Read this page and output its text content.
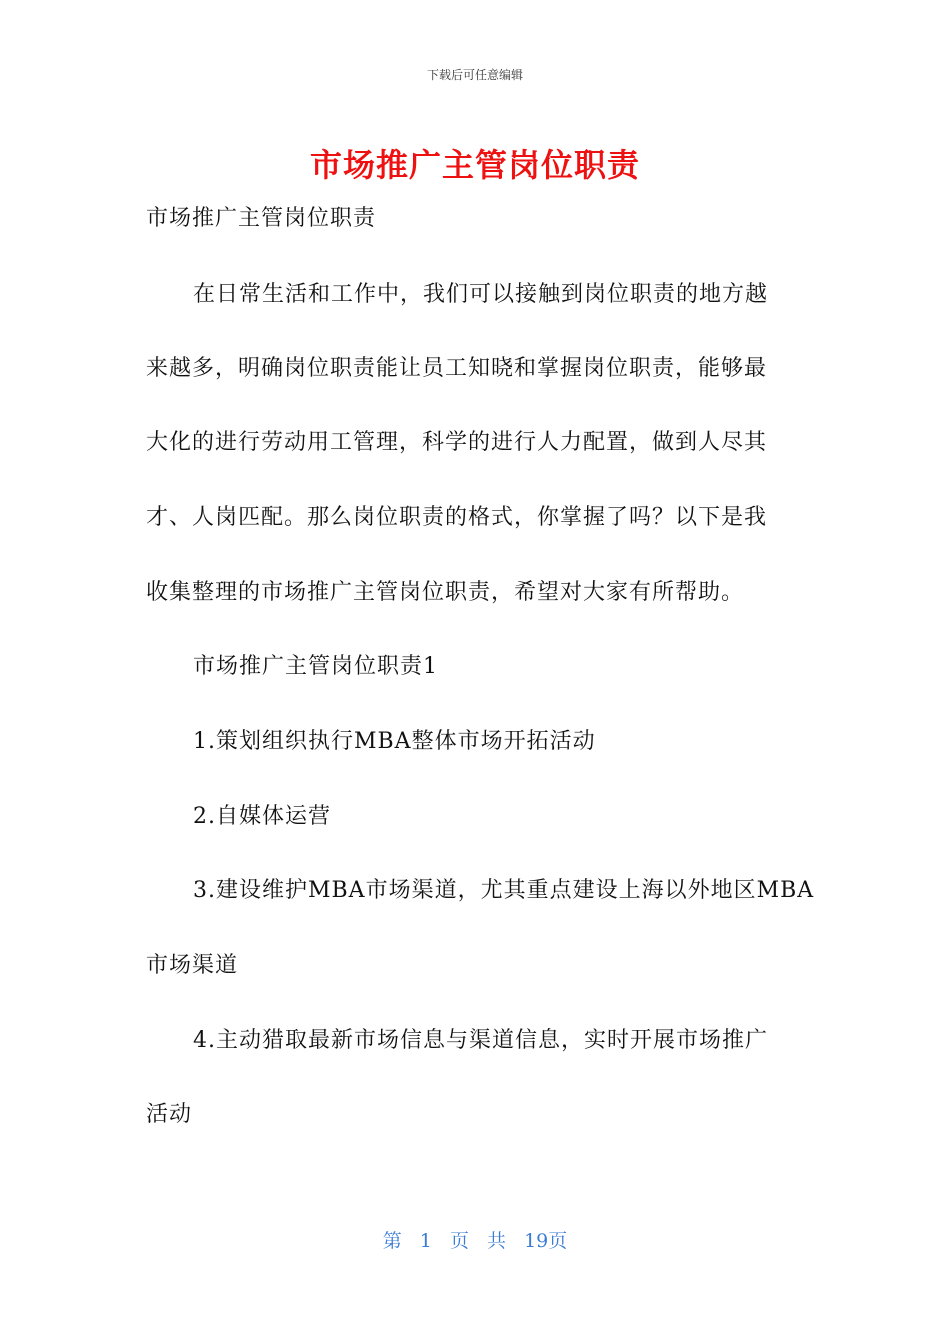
下载后可任意编辑
市场推广主管岗位职责
市场推广主管岗位职责
在日常生活和工作中，我们可以接触到岗位职责的地方越
来越多，明确岗位职责能让员工知晓和掌握岗位职责，能够最
大化的进行劳动用工管理，科学的进行人力配置，做到人尽其
才、人岗匹配。那么岗位职责的格式，你掌握了吗？以下是我
收集整理的市场推广主管岗位职责，希望对大家有所帮助。
市场推广主管岗位职责1
1.策划组织执行MBA整体市场开拓活动
2.自媒体运营
3.建设维护MBA市场渠道，尤其重点建设上海以外地区MBA
市场渠道
4.主动猎取最新市场信息与渠道信息，实时开展市场推广
活动
第 1 页 共 19页
